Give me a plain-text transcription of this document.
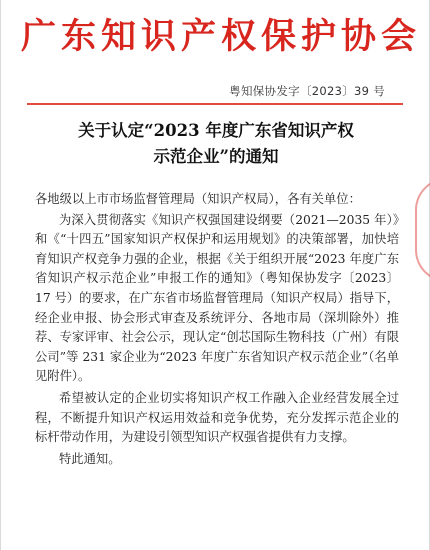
广东知识产权保护协会
粤知保协发字〔2023〕39 号
关于认定“2023 年度广东省知识产权
示范企业”的通知

各地级以上市市场监督管理局（知识产权局），各有关单位：

为深入贯彻落实《知识产权强国建设纲要（2021—2035 年）》和《“十四五”国家知识产权保护和运用规划》的决策部署，加快培育知识产权竞争力强的企业，根据《关于组织开展“2023 年度广东省知识产权示范企业”申报工作的通知》（粤知保协发字〔2023〕17 号）的要求，在广东省市场监督管理局（知识产权局）指导下，经企业申报、协会形式审查及系统评分、各地市局（深圳除外）推荐、专家评审、社会公示，现认定“创芯国际生物科技（广州）有限公司”等 231 家企业为“2023 年度广东省知识产权示范企业”（名单见附件）。

希望被认定的企业切实将知识产权工作融入企业经营发展全过程，不断提升知识产权运用效益和竞争优势，充分发挥示范企业的标杆带动作用，为建设引领型知识产权强省提供有力支撑。

特此通知。
